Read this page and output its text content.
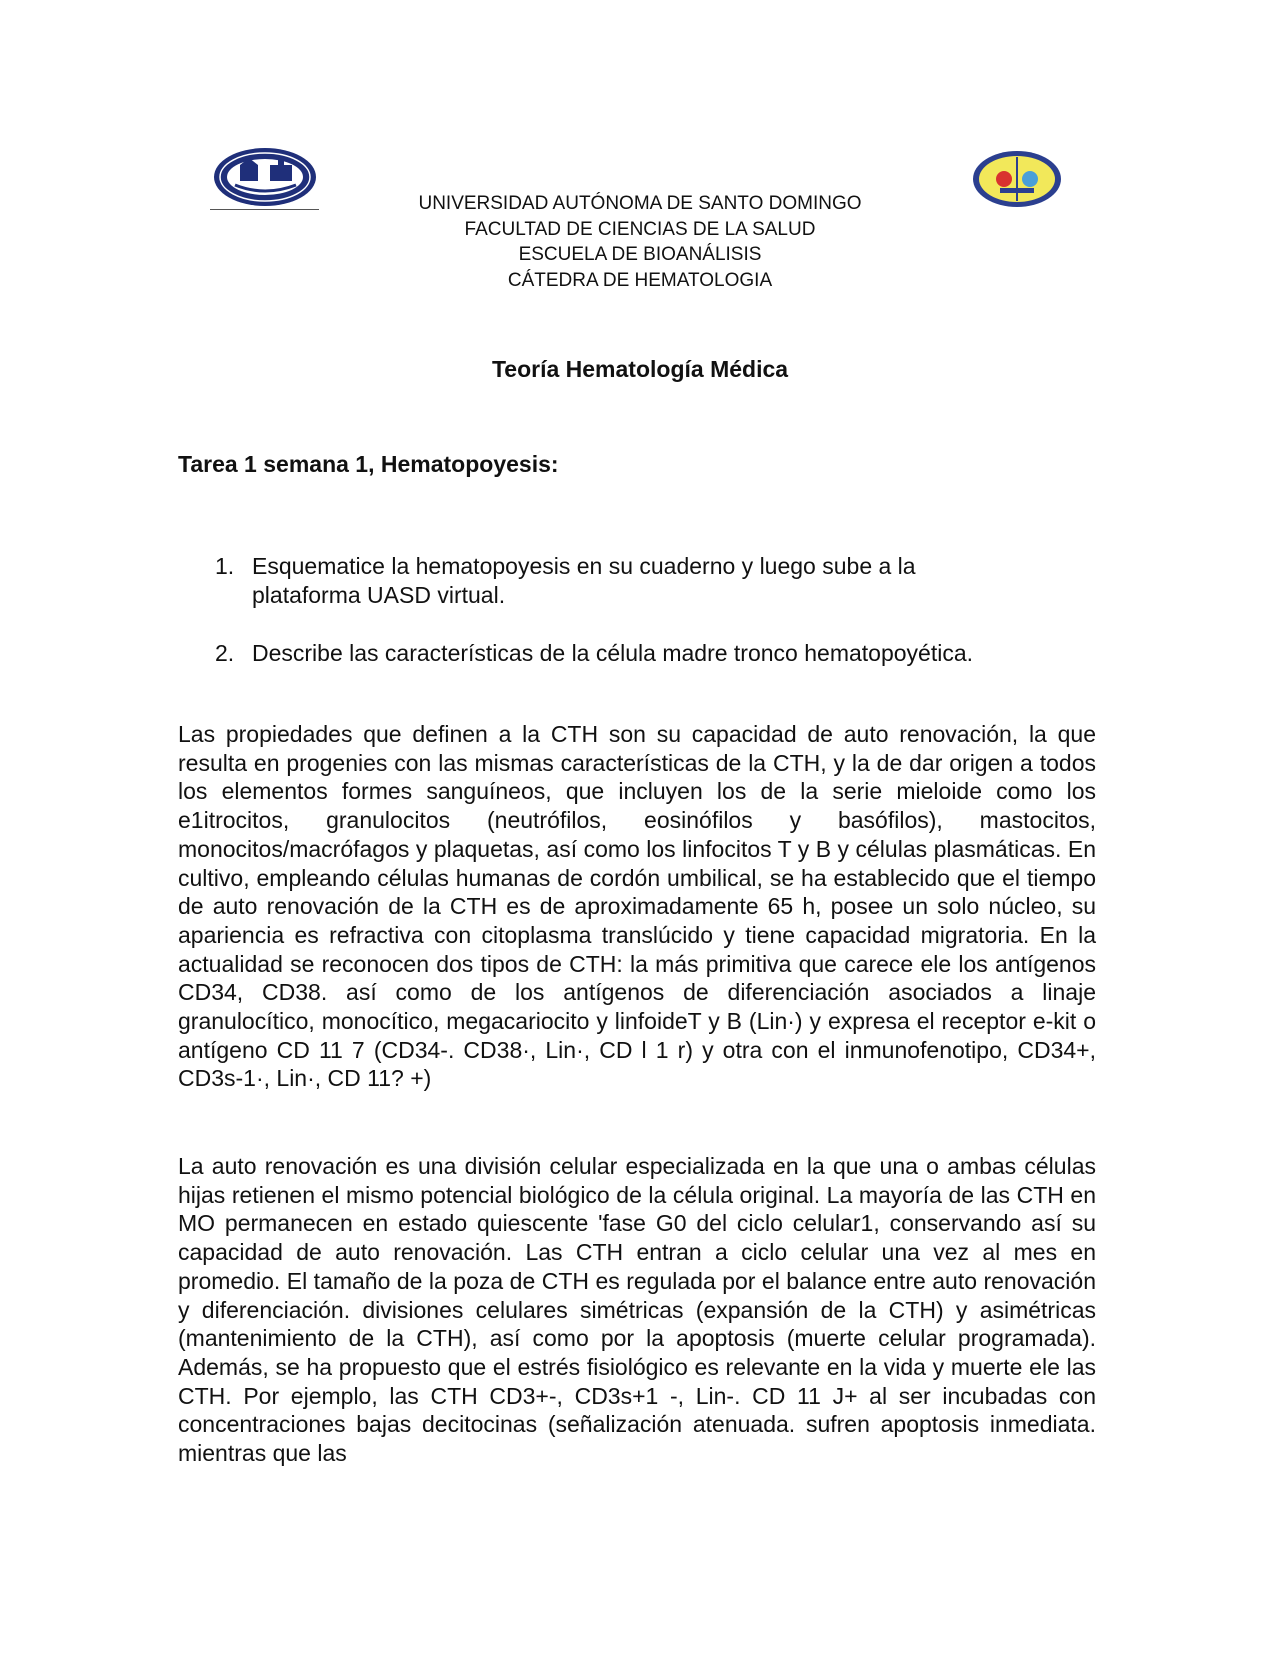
UNIVERSIDAD AUTÓNOMA DE SANTO DOMINGO
FACULTAD DE CIENCIAS DE LA SALUD
ESCUELA DE BIOANÁLISIS
CÁTEDRA DE HEMATOLOGIA
Teoría Hematología Médica
Tarea 1 semana 1, Hematopoyesis:
1. Esquematice la hematopoyesis en su cuaderno y luego sube a la plataforma UASD virtual.
2. Describe las características de la célula madre tronco hematopoyética.

Las propiedades que definen a la CTH son su capacidad de auto renovación, la que resulta en progenies con las mismas características de la CTH, y la de dar origen a todos los elementos formes sanguíneos, que incluyen los de la serie mieloide como los e1itrocitos, granulocitos (neutrófilos, eosinófilos y basófilos), mastocitos, monocitos/macrófagos y plaquetas, así como los linfocitos T y B y células plasmáticas. En cultivo, empleando células humanas de cordón umbilical, se ha establecido que el tiempo de auto renovación de la CTH es de aproximadamente 65 h, posee un solo núcleo, su apariencia es refractiva con citoplasma translúcido y tiene capacidad migratoria. En la actualidad se reconocen dos tipos de CTH: la más primitiva que carece ele los antígenos CD34, CD38. así como de los antígenos de diferenciación asociados a linaje granulocítico, monocítico, megacariocito y linfoideT y B (Lin·) y expresa el receptor e-kit o antígeno CD 11 7 (CD34-. CD38·, Lin·, CD l 1 r) y otra con el inmunofenotipo, CD34+, CD3s-1·, Lin·, CD 11? +)

La auto renovación es una división celular especializada en la que una o ambas células hijas retienen el mismo potencial biológico de la célula original. La mayoría de las CTH en MO permanecen en estado quiescente 'fase G0 del ciclo celular1, conservando así su capacidad de auto renovación. Las CTH entran a ciclo celular una vez al mes en promedio. El tamaño de la poza de CTH es regulada por el balance entre auto renovación y diferenciación. divisiones celulares simétricas (expansión de la CTH) y asimétricas (mantenimiento de la CTH), así como por la apoptosis (muerte celular programada). Además, se ha propuesto que el estrés fisiológico es relevante en la vida y muerte ele las CTH. Por ejemplo, las CTH CD3+-, CD3s+1 -, Lin-. CD 11 J+ al ser incubadas con concentraciones bajas decitocinas (señalización atenuada. sufren apoptosis inmediata. mientras que las
